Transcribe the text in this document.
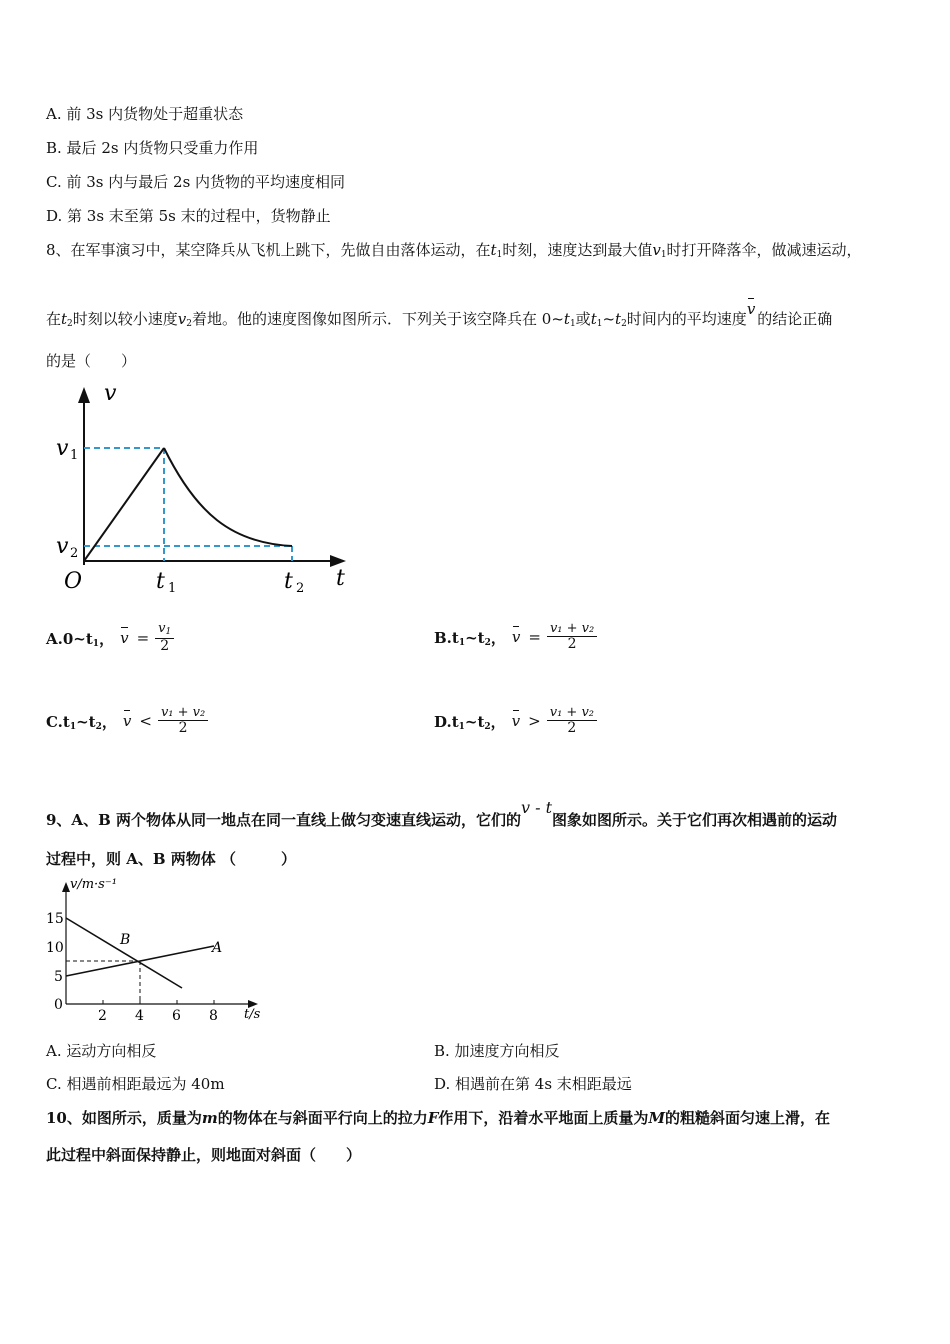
A. 前 3s 内货物处于超重状态
B. 最后 2s 内货物只受重力作用
C. 前 3s 内与最后 2s 内货物的平均速度相同
D. 第 3s 末至第 5s 末的过程中，货物静止
8、在军事演习中，某空降兵从飞机上跳下，先做自由落体运动，在$t_1$时刻，速度达到最大值$v_1$时打开降落伞，做减速运动，
在$t_2$时刻以较小速度$v_2$着地。他的速度图像如图所示．下列关于该空降兵在 $0\sim t_1$或$t_1\sim t_2$时间内的平均速度v的结论正确
的是（　　）
v
v 1
v 2
O	t 1	t 2 t
$A.0\sim t_1$， $v = \frac{v_1}{2}$	$B.t_1\sim t_2$， $v = \frac{\text{v₁ + v₂}}{2}$
$C.t_1\sim t_2$， $v < \frac{\text{v₁ + v₂}}{2}$	$D.t_1\sim t_2$， $v > \frac{\text{v₁ + v₂}}{2}$
9、A、B 两个物体从同一地点在同一直线上做匀变速直线运动，它们的v - t图象如图所示。关于它们再次相遇前的运动
过程中，则 A、B 两物体 （　　　）
v/m·s⁻¹
t/s
15
10
5
0
2 4 6 8
B	A
A. 运动方向相反	B. 加速度方向相反
C. 相遇前相距最远为 40m	D. 相遇前在第 4s 末相距最远
10、如图所示，质量为m的物体在与斜面平行向上的拉力F作用下，沿着水平地面上质量为M的粗糙斜面匀速上滑，在
此过程中斜面保持静止，则地面对斜面（　　）
